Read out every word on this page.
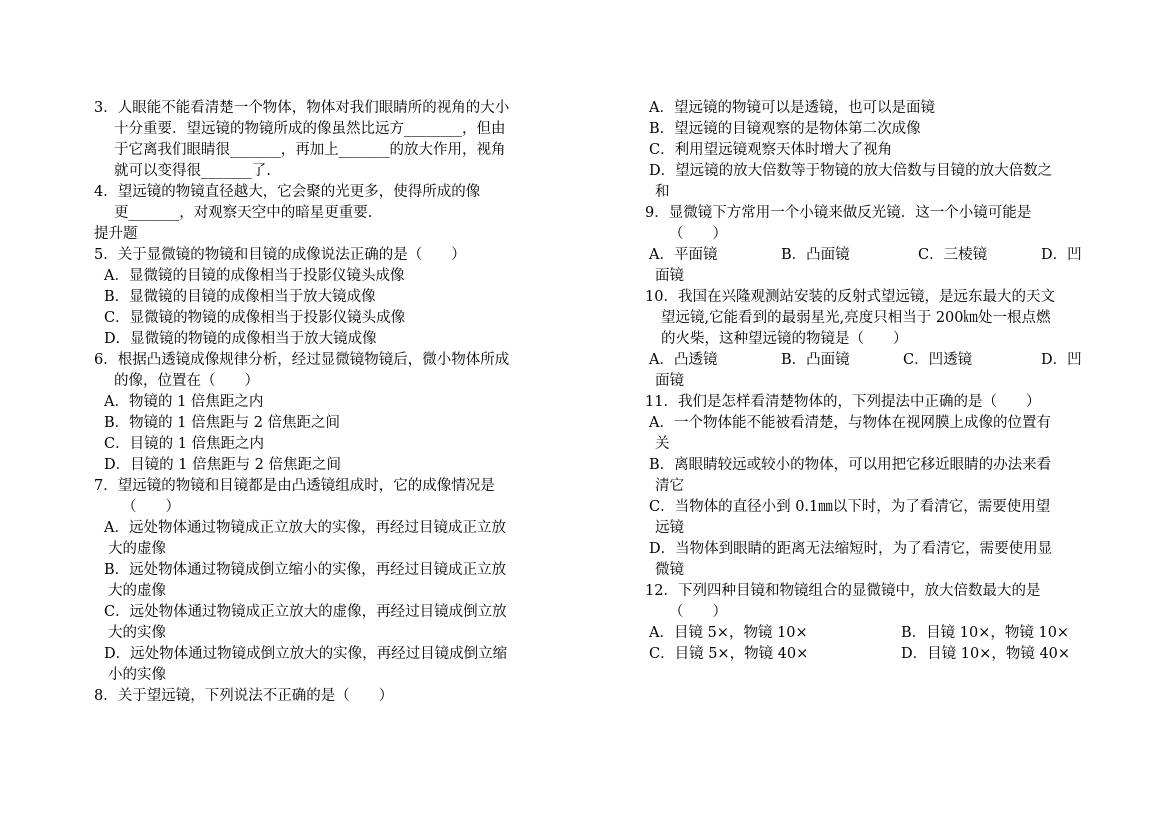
3．人眼能不能看清楚一个物体，物体对我们眼睛所的视角的大小
十分重要．望远镜的物镜所成的像虽然比远方________，但由
于它离我们眼睛很_______，再加上_______的放大作用，视角
就可以变得很_______了.
4．望远镜的物镜直径越大，它会聚的光更多，使得所成的像
更_______，对观察天空中的暗星更重要.
提升题
5．关于显微镜的物镜和目镜的成像说法正确的是（　　）
A．显微镜的目镜的成像相当于投影仪镜头成像
B．显微镜的目镜的成像相当于放大镜成像
C．显微镜的物镜的成像相当于投影仪镜头成像
D．显微镜的物镜的成像相当于放大镜成像
6．根据凸透镜成像规律分析，经过显微镜物镜后，微小物体所成
的像，位置在（　　）
A．物镜的 1 倍焦距之内
B．物镜的 1 倍焦距与 2 倍焦距之间
C．目镜的 1 倍焦距之内
D．目镜的 1 倍焦距与 2 倍焦距之间
7．望远镜的物镜和目镜都是由凸透镜组成时，它的成像情况是
（　　）
A．远处物体通过物镜成正立放大的实像，再经过目镜成正立放
大的虚像
B．远处物体通过物镜成倒立缩小的实像，再经过目镜成正立放
大的虚像
C．远处物体通过物镜成正立放大的虚像，再经过目镜成倒立放
大的实像
D．远处物体通过物镜成倒立放大的实像，再经过目镜成倒立缩
小的实像
8．关于望远镜，下列说法不正确的是（　　）
A．望远镜的物镜可以是透镜，也可以是面镜
B．望远镜的目镜观察的是物体第二次成像
C．利用望远镜观察天体时增大了视角
D．望远镜的放大倍数等于物镜的放大倍数与目镜的放大倍数之
和
9．显微镜下方常用一个小镜来做反光镜．这一个小镜可能是
（　　）
A．平面镜	B．凸面镜	C．三棱镜	D．凹
面镜
10．我国在兴隆观测站安装的反射式望远镜，是远东最大的天文
望远镜,它能看到的最弱星光,亮度只相当于 200㎞处一根点燃
的火柴，这种望远镜的物镜是（　　）
A．凸透镜	B．凸面镜	C．凹透镜	D．凹
面镜
11．我们是怎样看清楚物体的，下列提法中正确的是（　　）
A．一个物体能不能被看清楚，与物体在视网膜上成像的位置有
关
B．离眼睛较远或较小的物体，可以用把它移近眼睛的办法来看
清它
C．当物体的直径小到 0.1㎜以下时，为了看清它，需要使用望
远镜
D．当物体到眼睛的距离无法缩短时，为了看清它，需要使用显
微镜
12．下列四种目镜和物镜组合的显微镜中，放大倍数最大的是
（　　）
A．目镜 5×，物镜 10×	B．目镜 10×，物镜 10×
C．目镜 5×，物镜 40×	D．目镜 10×，物镜 40×
